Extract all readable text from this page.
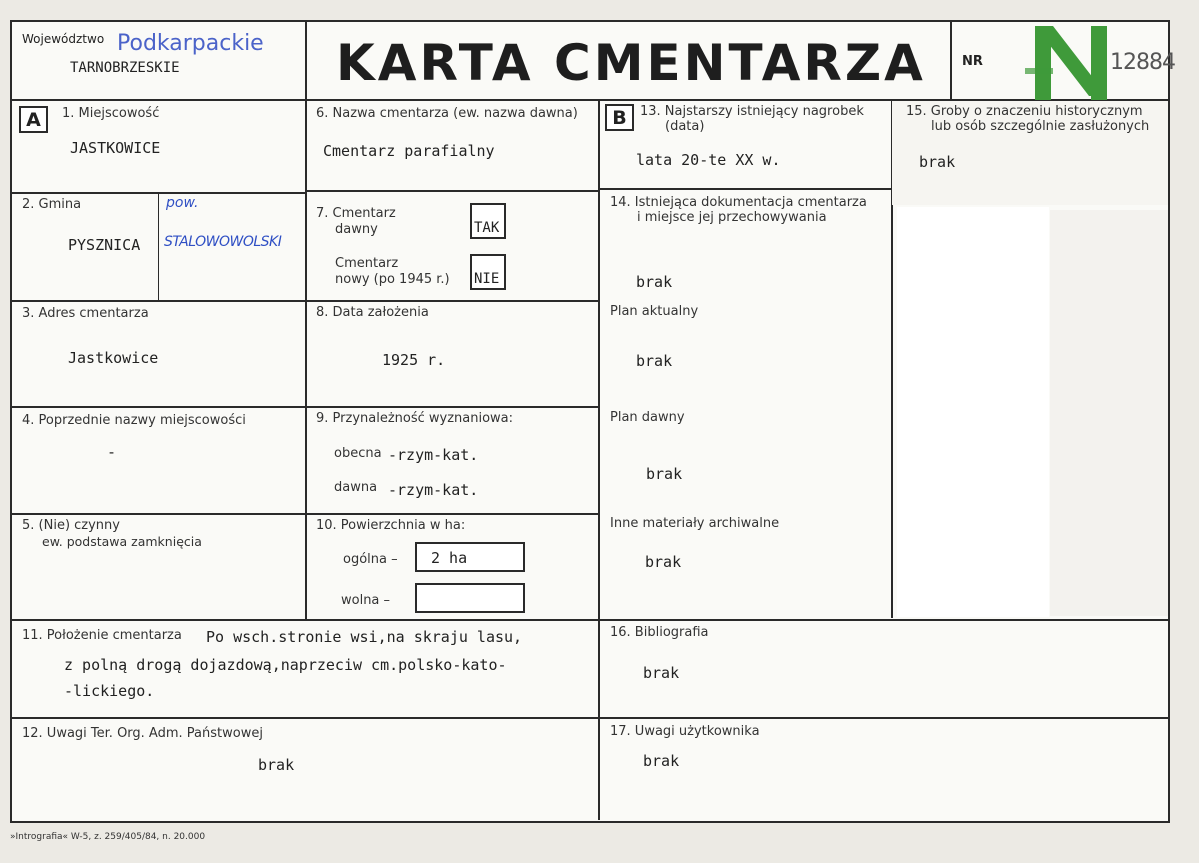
Województwo Podkarpackie
TARNOBRZESKIE	KARTA CMENTARZA	NR	12884
A	1. Miejscowość
JASTKOWICE
2. Gmina
PYSZNICA
pow.
STALOWOWOLSKI
3. Adres cmentarza
Jastkowice
4. Poprzednie nazwy miejscowości
-
5. (Nie) czynny
ew. podstawa zamknięcia
6. Nazwa cmentarza (ew. nazwa dawna)
Cmentarz parafialny
7. Cmentarz
dawny	TAK
Cmentarz
nowy (po 1945 r.) NIE
8. Data założenia
1925 r.
9. Przynależność wyznaniowa:
obecna -rzym-kat.
dawna -rzym-kat.
10. Powierzchnia w ha:
ogólna – 2 ha
wolna –
11. Położenie cmentarza Po wsch.stronie wsi,na skraju lasu,
z polną drogą dojazdową,naprzeciw cm.polsko-kato-
-lickiego.
12. Uwagi Ter. Org. Adm. Państwowej
brak
B	13. Najstarszy istniejący nagrobek
(data)
lata 20-te XX w.
14. Istniejąca dokumentacja cmentarza
i miejsce jej przechowywania
brak
Plan aktualny
brak
Plan dawny
brak
Inne materiały archiwalne
brak
15. Groby o znaczeniu historycznym
lub osób szczególnie zasłużonych
brak
16. Bibliografia
brak
17. Uwagi użytkownika
brak
»Intrografia« W-5, z. 259/405/84, n. 20.000
